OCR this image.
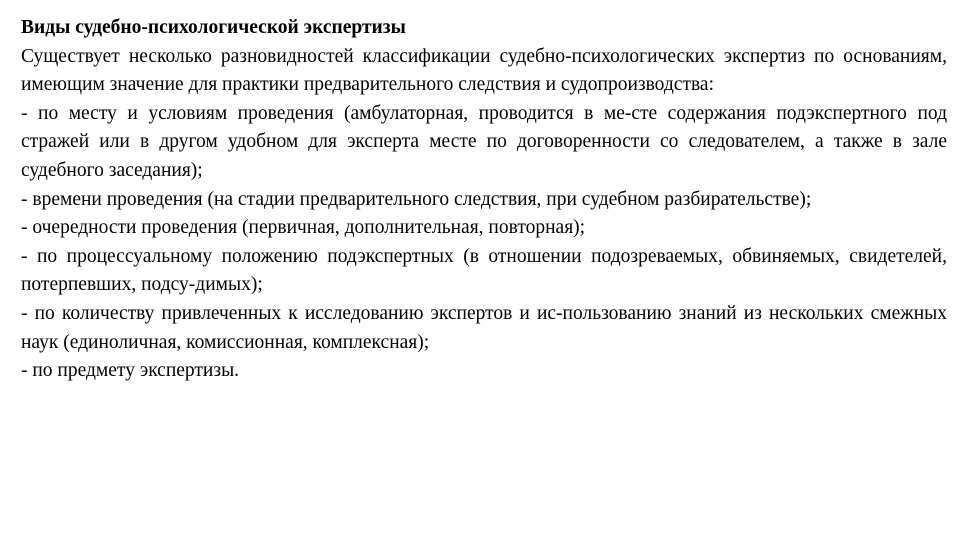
Виды судебно-психологической экспертизы

Существует несколько разновидностей классификации судебно-психологических экспертиз по основаниям, имеющим значение для практики предварительного следствия и судопроизводства:

- по месту и условиям проведения (амбулаторная, проводится в ме-сте содержания подэкспертного под стражей или в другом удобном для эксперта месте по договоренности со следователем, а также в зале судебного заседания);

- времени проведения (на стадии предварительного следствия, при судебном разбирательстве);

- очередности проведения (первичная, дополнительная, повторная);

- по процессуальному положению подэкспертных (в отношении подозреваемых, обвиняемых, свидетелей, потерпевших, подсу-димых);

- по количеству привлеченных к исследованию экспертов и ис-пользованию знаний из нескольких смежных наук (единоличная, комиссионная, комплексная);

- по предмету экспертизы.
